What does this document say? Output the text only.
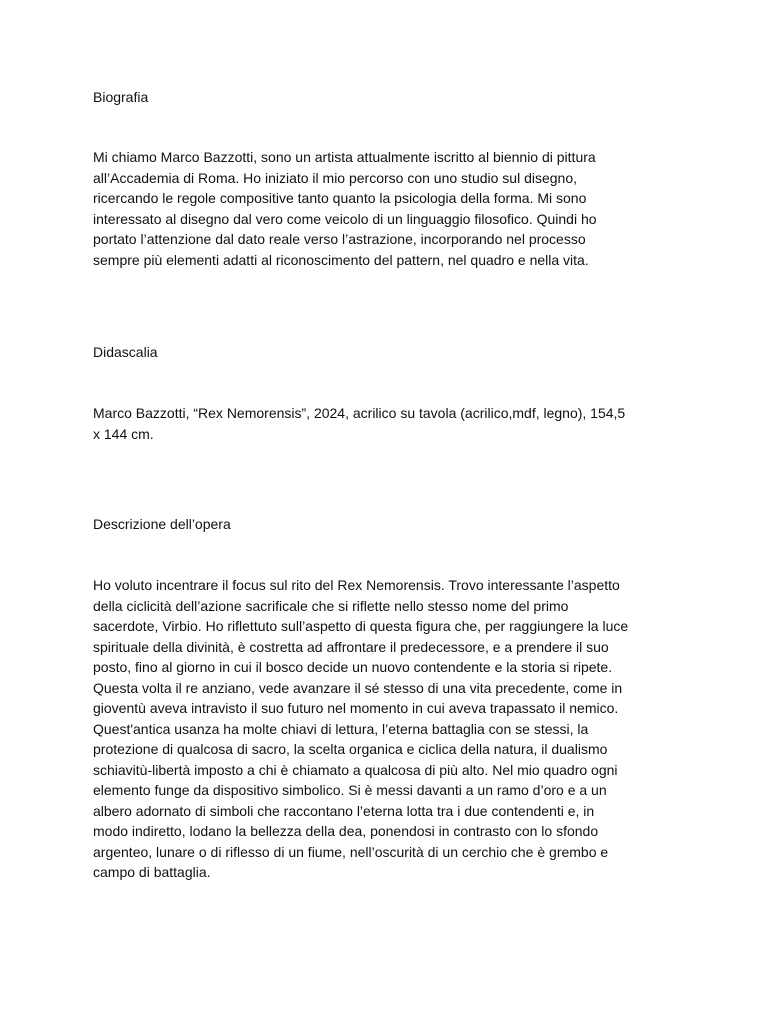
Biografia

Mi chiamo Marco Bazzotti, sono un artista attualmente iscritto al biennio di pittura
all’Accademia di Roma. Ho iniziato il mio percorso con uno studio sul disegno,
ricercando le regole compositive tanto quanto la psicologia della forma. Mi sono
interessato al disegno dal vero come veicolo di un linguaggio filosofico. Quindi ho
portato l’attenzione dal dato reale verso l’astrazione, incorporando nel processo
sempre più elementi adatti al riconoscimento del pattern, nel quadro e nella vita.

Didascalia

Marco Bazzotti, “Rex Nemorensis”, 2024, acrilico su tavola (acrilico,mdf, legno), 154,5
x 144 cm.

Descrizione dell’opera

Ho voluto incentrare il focus sul rito del Rex Nemorensis. Trovo interessante l’aspetto
della ciclicità dell’azione sacrificale che si riflette nello stesso nome del primo
sacerdote, Virbio. Ho riflettuto sull’aspetto di questa figura che, per raggiungere la luce
spirituale della divinità, è costretta ad affrontare il predecessore, e a prendere il suo
posto, fino al giorno in cui il bosco decide un nuovo contendente e la storia si ripete.
Questa volta il re anziano, vede avanzare il sé stesso di una vita precedente, come in
gioventù aveva intravisto il suo futuro nel momento in cui aveva trapassato il nemico.
Quest'antica usanza ha molte chiavi di lettura, l’eterna battaglia con se stessi, la
protezione di qualcosa di sacro, la scelta organica e ciclica della natura, il dualismo
schiavitù-libertà imposto a chi è chiamato a qualcosa di più alto. Nel mio quadro ogni
elemento funge da dispositivo simbolico. Si è messi davanti a un ramo d’oro e a un
albero adornato di simboli che raccontano l’eterna lotta tra i due contendenti e, in
modo indiretto, lodano la bellezza della dea, ponendosi in contrasto con lo sfondo
argenteo, lunare o di riflesso di un fiume, nell’oscurità di un cerchio che è grembo e
campo di battaglia.
